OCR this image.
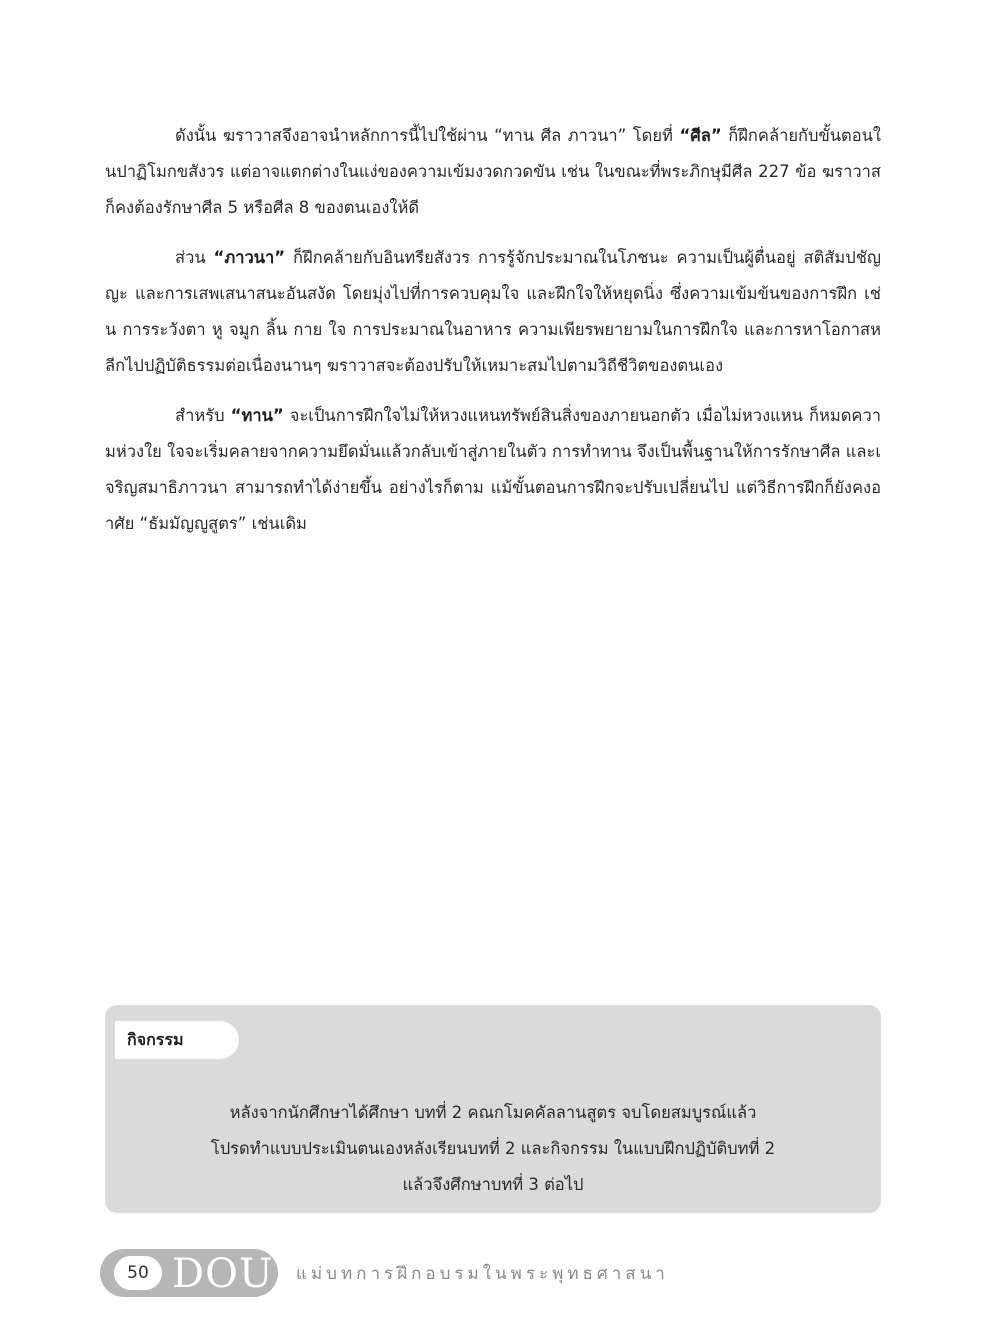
ดังนั้น ฆราวาสจึงอาจนำหลักการนี้ไปใช้ผ่าน “ทาน ศีล ภาวนา” โดยที่ “ศีล” ก็ฝึกคล้ายกับขั้นตอนในปาฏิโมกขสังวร แต่อาจแตกต่างในแง่ของความเข้มงวดกวดขัน เช่น ในขณะที่พระภิกษุมีศีล 227 ข้อ ฆราวาสก็คงต้องรักษาศีล 5 หรือศีล 8 ของตนเองให้ดี

ส่วน “ภาวนา” ก็ฝึกคล้ายกับอินทรียสังวร การรู้จักประมาณในโภชนะ ความเป็นผู้ตื่นอยู่ สติสัมปชัญญะ และการเสพเสนาสนะอันสงัด โดยมุ่งไปที่การควบคุมใจ และฝึกใจให้หยุดนิ่ง ซึ่งความเข้มข้นของการฝึก เช่น การระวังตา หู จมูก ลิ้น กาย ใจ การประมาณในอาหาร ความเพียรพยายามในการฝึกใจ และการหาโอกาสหลีกไปปฏิบัติธรรมต่อเนื่องนานๆ ฆราวาสจะต้องปรับให้เหมาะสมไปตามวิถีชีวิตของตนเอง

สำหรับ “ทาน” จะเป็นการฝึกใจไม่ให้หวงแหนทรัพย์สินสิ่งของภายนอกตัว เมื่อไม่หวงแหน ก็หมดความห่วงใย ใจจะเริ่มคลายจากความยึดมั่นแล้วกลับเข้าสู่ภายในตัว การทำทาน จึงเป็นพื้นฐานให้การรักษาศีล และเจริญสมาธิภาวนา สามารถทำได้ง่ายขึ้น อย่างไรก็ตาม แม้ขั้นตอนการฝึกจะปรับเปลี่ยนไป แต่วิธีการฝึกก็ยังคงอาศัย “ธัมมัญญูสูตร” เช่นเดิม

กิจกรรม
หลังจากนักศึกษาได้ศึกษา บทที่ 2 คณกโมคคัลลานสูตร จบโดยสมบูรณ์แล้ว
โปรดทำแบบประเมินตนเองหลังเรียนบทที่ 2 และกิจกรรม ในแบบฝึกปฏิบัติบทที่ 2
แล้วจึงศึกษาบทที่ 3 ต่อไป
50 DOU แม่บทการฝึกอบรมในพระพุทธศาสนา
